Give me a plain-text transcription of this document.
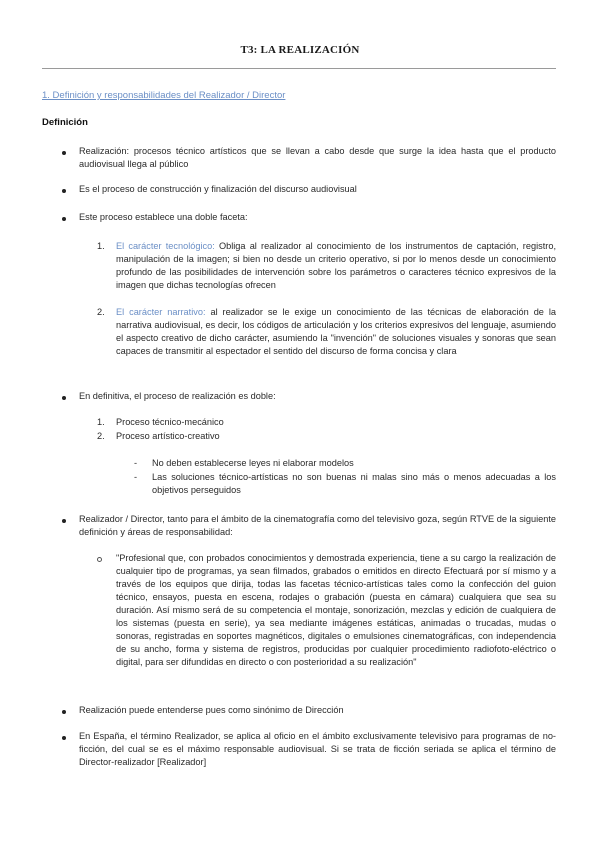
T3: LA REALIZACIÓN
1. Definición y responsabilidades del Realizador / Director
Definición
Realización: procesos técnico artísticos que se llevan a cabo desde que surge la idea hasta que el producto audiovisual llega al público
Es el proceso de construcción y finalización del discurso audiovisual
Este proceso establece una doble faceta:
1. El carácter tecnológico: Obliga al realizador al conocimiento de los instrumentos de captación, registro, manipulación de la imagen; si bien no desde un criterio operativo, si por lo menos desde un conocimiento profundo de las posibilidades de intervención sobre los parámetros o caracteres técnico expresivos de la imagen que dichas tecnologías ofrecen
2. El carácter narrativo: al realizador se le exige un conocimiento de las técnicas de elaboración de la narrativa audiovisual, es decir, los códigos de articulación y los criterios expresivos del lenguaje, asumiendo el aspecto creativo de dicho carácter, asumiendo la "invención" de soluciones visuales y sonoras que sean capaces de transmitir al espectador el sentido del discurso de forma concisa y clara
En definitiva, el proceso de realización es doble:
1. Proceso técnico-mecánico
2. Proceso artístico-creativo
- No deben establecerse leyes ni elaborar modelos
- Las soluciones técnico-artísticas no son buenas ni malas sino más o menos adecuadas a los objetivos perseguidos
Realizador / Director, tanto para el ámbito de la cinematografía como del televisivo goza, según RTVE de la siguiente definición y áreas de responsabilidad:
"Profesional que, con probados conocimientos y demostrada experiencia, tiene a su cargo la realización de cualquier tipo de programas, ya sean filmados, grabados o emitidos en directo Efectuará por sí mismo y a través de los equipos que dirija, todas las facetas técnico-artísticas tales como la confección del guion técnico, ensayos, puesta en escena, rodajes o grabación (puesta en cámara) cualquiera que sea su duración. Así mismo será de su competencia el montaje, sonorización, mezclas y edición de cualquiera de los sistemas (puesta en serie), ya sea mediante imágenes estáticas, animadas o trucadas, mudas o sonoras, registradas en soportes magnéticos, digitales o emulsiones cinematográficas, con independencia de su ancho, forma y sistema de registros, producidas por cualquier procedimiento radiofoto-eléctrico o digital, para ser difundidas en directo o con posterioridad a su realización"
Realización puede entenderse pues como sinónimo de Dirección
En España, el término Realizador, se aplica al oficio en el ámbito exclusivamente televisivo para programas de no-ficción, del cual se es el máximo responsable audiovisual. Si se trata de ficción seriada se aplica el término de Director-realizador [Realizador]
